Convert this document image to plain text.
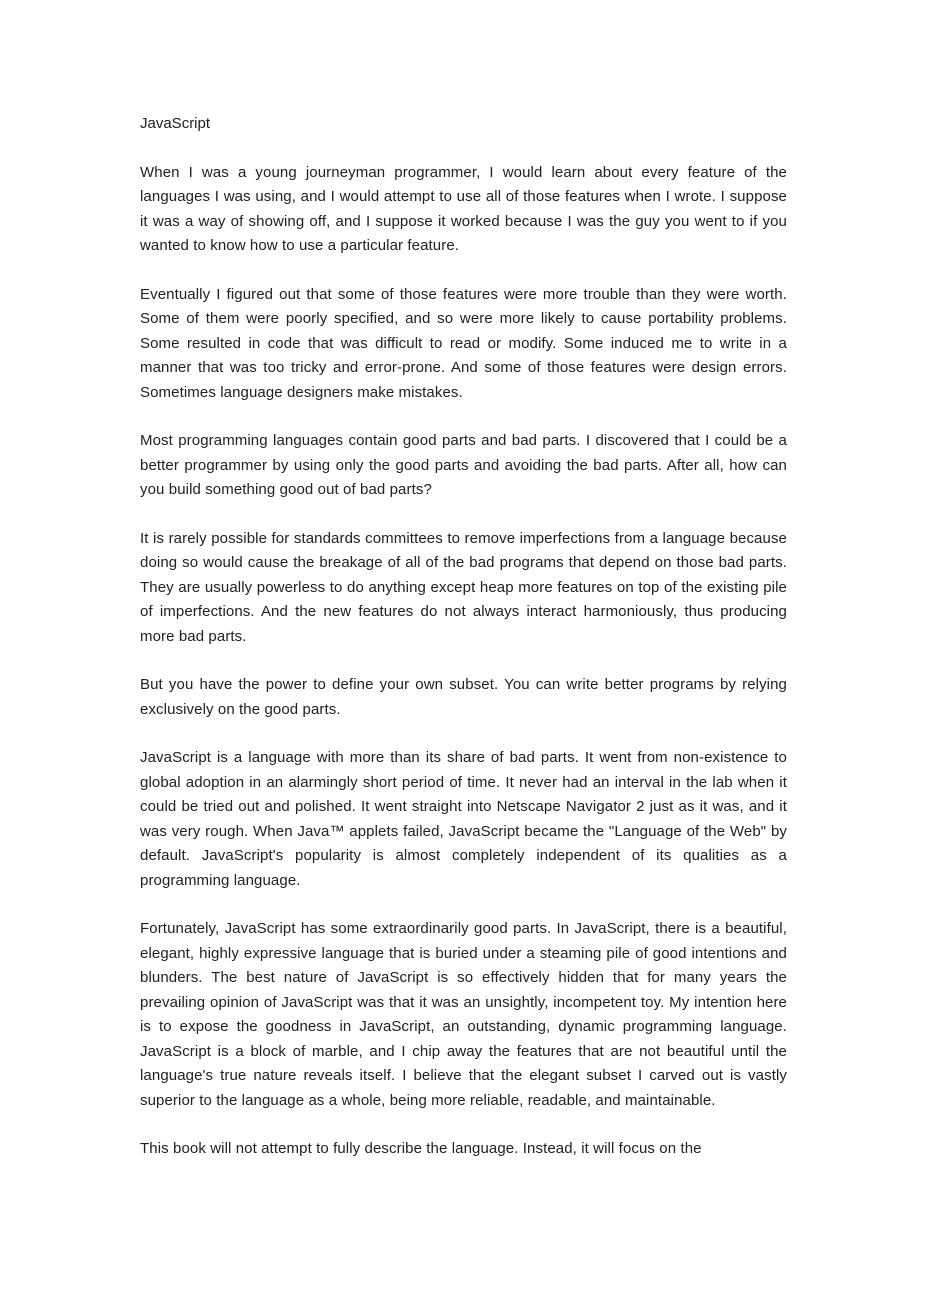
JavaScript

When I was a young journeyman programmer, I would learn about every feature of the languages I was using, and I would attempt to use all of those features when I wrote. I suppose it was a way of showing off, and I suppose it worked because I was the guy you went to if you wanted to know how to use a particular feature.

Eventually I figured out that some of those features were more trouble than they were worth. Some of them were poorly specified, and so were more likely to cause portability problems. Some resulted in code that was difficult to read or modify. Some induced me to write in a manner that was too tricky and error-prone. And some of those features were design errors. Sometimes language designers make mistakes.

Most programming languages contain good parts and bad parts. I discovered that I could be a better programmer by using only the good parts and avoiding the bad parts. After all, how can you build something good out of bad parts?

It is rarely possible for standards committees to remove imperfections from a language because doing so would cause the breakage of all of the bad programs that depend on those bad parts. They are usually powerless to do anything except heap more features on top of the existing pile of imperfections. And the new features do not always interact harmoniously, thus producing more bad parts.

But you have the power to define your own subset. You can write better programs by relying exclusively on the good parts.

JavaScript is a language with more than its share of bad parts. It went from non-existence to global adoption in an alarmingly short period of time. It never had an interval in the lab when it could be tried out and polished. It went straight into Netscape Navigator 2 just as it was, and it was very rough. When Java™ applets failed, JavaScript became the "Language of the Web" by default. JavaScript's popularity is almost completely independent of its qualities as a programming language.

Fortunately, JavaScript has some extraordinarily good parts. In JavaScript, there is a beautiful, elegant, highly expressive language that is buried under a steaming pile of good intentions and blunders. The best nature of JavaScript is so effectively hidden that for many years the prevailing opinion of JavaScript was that it was an unsightly, incompetent toy. My intention here is to expose the goodness in JavaScript, an outstanding, dynamic programming language. JavaScript is a block of marble, and I chip away the features that are not beautiful until the language's true nature reveals itself. I believe that the elegant subset I carved out is vastly superior to the language as a whole, being more reliable, readable, and maintainable.

This book will not attempt to fully describe the language. Instead, it will focus on the
